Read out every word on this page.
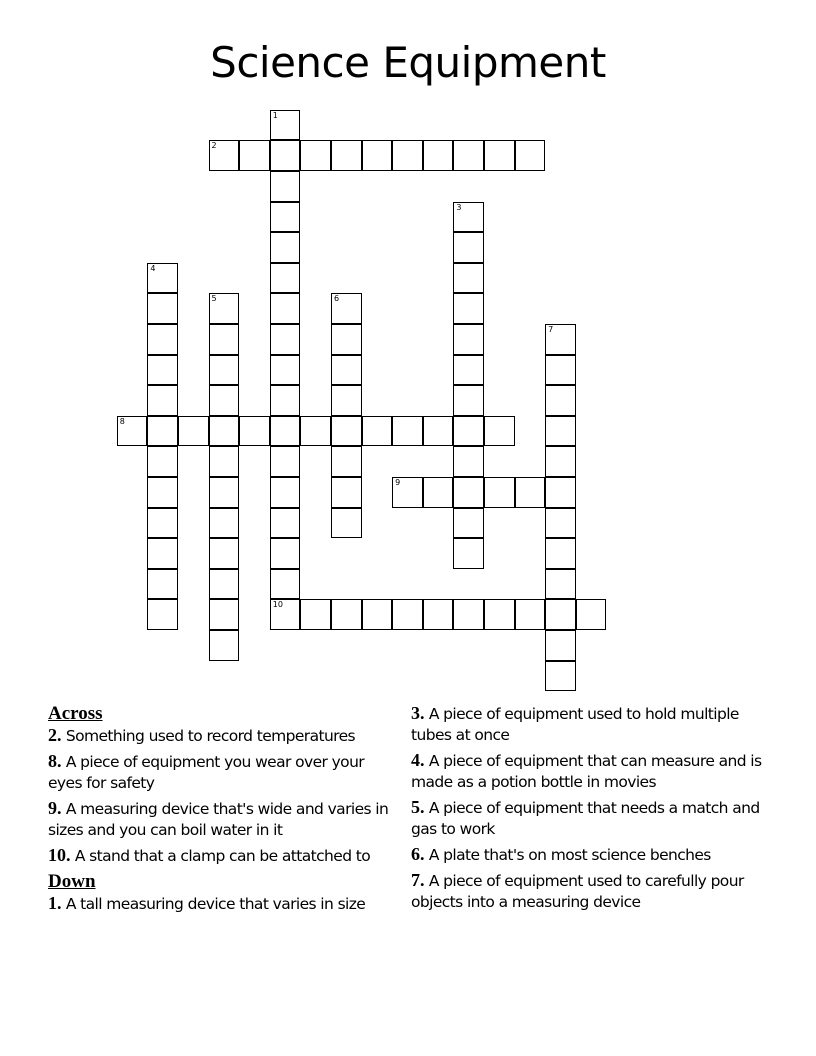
Science Equipment
1
10
2
3
4
5	6
7
8
9
Across
2. Something used to record temperatures
8. A piece of equipment you wear over your eyes for safety
9. A measuring device that's wide and varies in sizes and you can boil water in it
10. A stand that a clamp can be attatched to
Down
1. A tall measuring device that varies in size
3. A piece of equipment used to hold multiple tubes at once
4. A piece of equipment that can measure and is made as a potion bottle in movies
5. A piece of equipment that needs a match and gas to work
6. A plate that's on most science benches
7. A piece of equipment used to carefully pour objects into a measuring device
